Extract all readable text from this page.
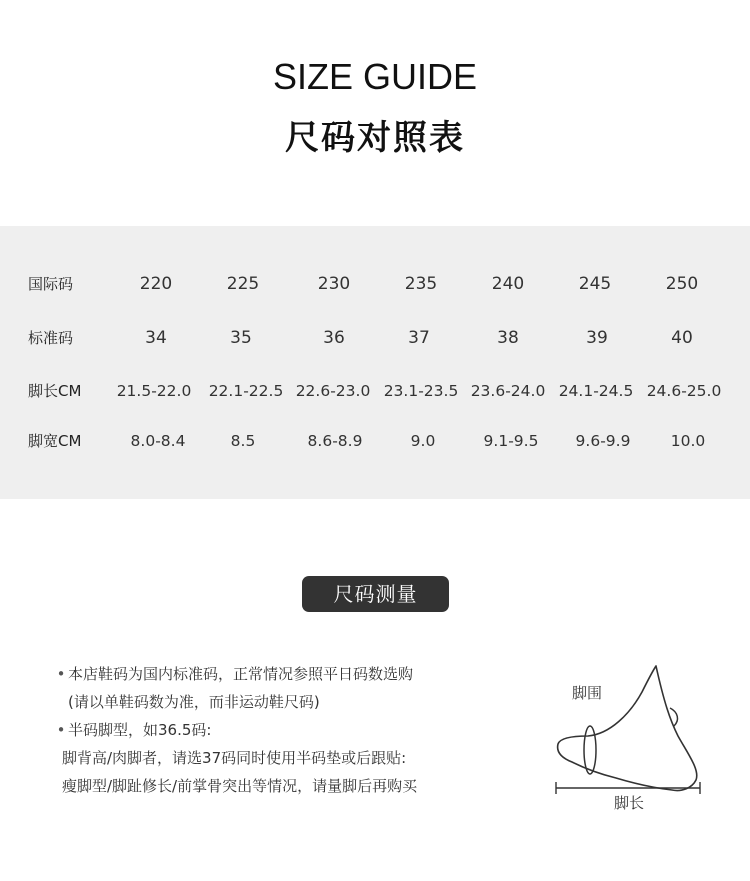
SIZE GUIDE
尺码对照表
国际码	220	225	230	235	240	245	250
标准码	34	35	36	37	38	39	40
脚长CM 21.5-22.0 22.1-22.5 22.6-23.0 23.1-23.5 23.6-24.0 24.1-24.5 24.6-25.0
脚宽CM	8.0-8.4	8.5	8.6-8.9	9.0	9.1-9.5 9.6-9.9	10.0
尺码测量
• 本店鞋码为国内标准码，正常情况参照平日码数选购
(请以单鞋码数为准，而非运动鞋尺码)
• 半码脚型，如36.5码:
脚背高/肉脚者，请选37码同时使用半码垫或后跟贴:
瘦脚型/脚趾修长/前掌骨突出等情况，请量脚后再购买
脚围
脚长
